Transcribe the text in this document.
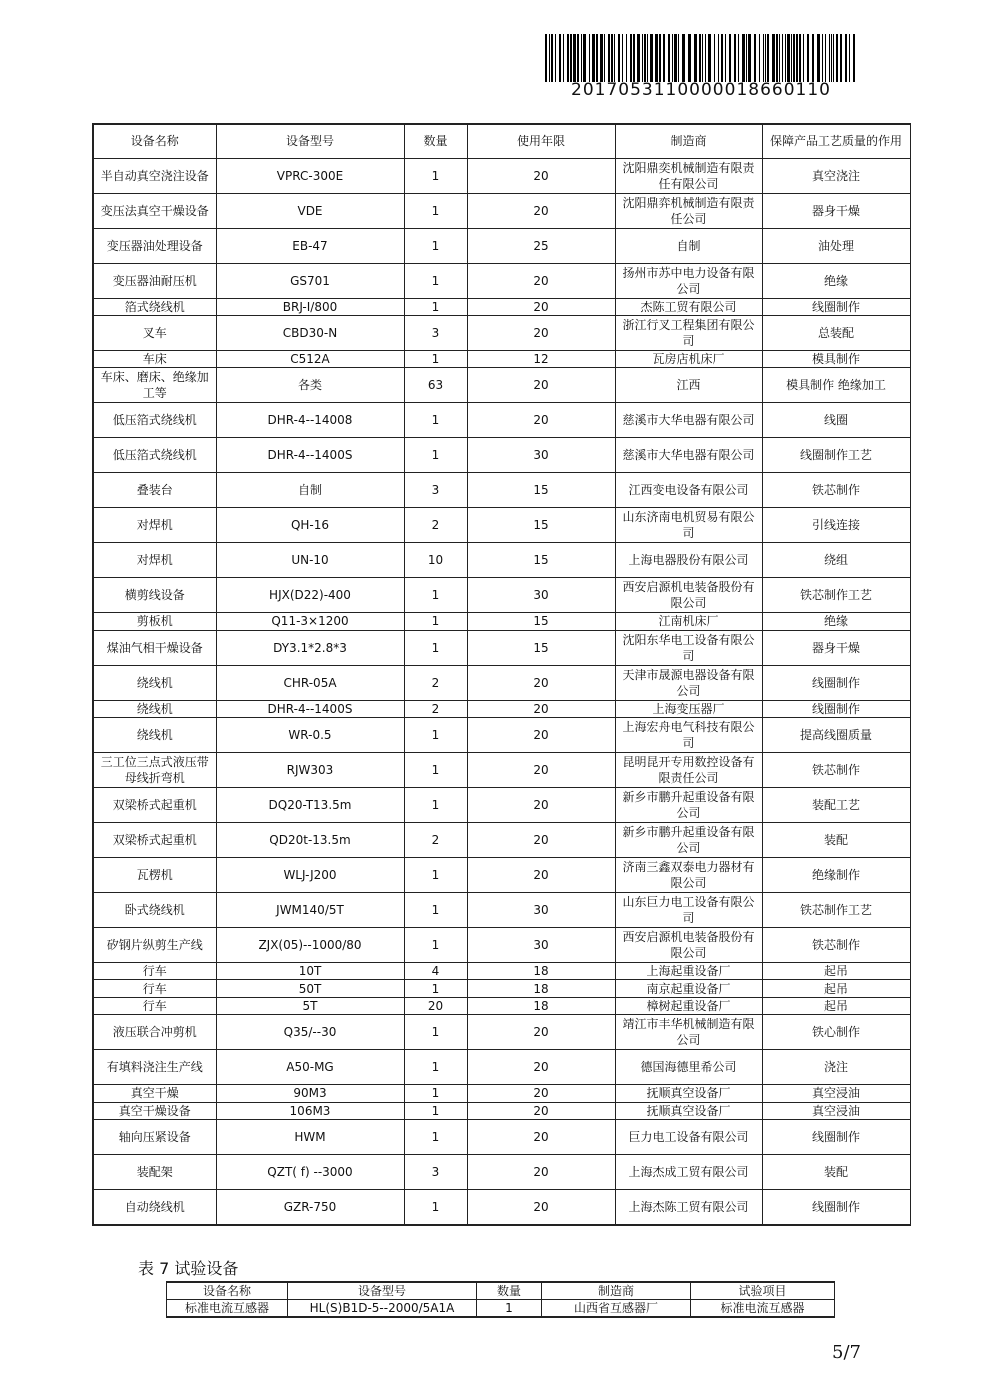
2017053110000018660110
设备名称	设备型号	数量	使用年限	制造商	保障产品工艺质量的作用
半自动真空浇注设备	VPRC-300E	1	20	沈阳鼎奕机械制造有限责任有限公司	真空浇注
变压法真空干燥设备	VDE	1	20	沈阳鼎弈机械制造有限责任公司	器身干燥
变压器油处理设备	EB-47	1	25	自制	油处理
变压器油耐压机	GS701	1	20	扬州市苏中电力设备有限公司	绝缘
箔式绕线机	BRJ-I/800	1	20	杰陈工贸有限公司	线圈制作
叉车	CBD30-N	3	20	浙江行叉工程集团有限公司	总装配
车床	C512A	1	12	瓦房店机床厂	模具制作
车床、磨床、绝缘加工等	各类	63	20	江西	模具制作 绝缘加工
低压箔式绕线机	DHR-4--14008	1	20	慈溪市大华电器有限公司	线圈
低压箔式绕线机	DHR-4--1400S	1	30	慈溪市大华电器有限公司	线圈制作工艺
叠装台	自制	3	15	江西变电设备有限公司	铁芯制作
对焊机	QH-16	2	15	山东济南电机贸易有限公司	引线连接
对焊机	UN-10	10	15	上海电器股份有限公司	绕组
横剪线设备	HJX(D22)-400	1	30	西安启源机电装备股份有限公司	铁芯制作工艺
剪板机	Q11-3×1200	1	15	江南机床厂	绝缘
煤油气相干燥设备	DY3.1*2.8*3	1	15	沈阳东华电工设备有限公司	器身干燥
绕线机	CHR-05A	2	20	天津市晟源电器设备有限公司	线圈制作
绕线机	DHR-4--1400S	2	20	上海变压器厂	线圈制作
绕线机	WR-0.5	1	20	上海宏舟电气科技有限公司	提高线圈质量
三工位三点式液压带母线折弯机	RJW303	1	20	昆明昆开专用数控设备有限责任公司	铁芯制作
双梁桥式起重机	DQ20-T13.5m	1	20	新乡市鹏升起重设备有限公司	装配工艺
双梁桥式起重机	QD20t-13.5m	2	20	新乡市鹏升起重设备有限公司	装配
瓦楞机	WLJ-J200	1	20	济南三鑫双泰电力器材有限公司	绝缘制作
卧式绕线机	JWM140/5T	1	30	山东巨力电工设备有限公司	铁芯制作工艺
矽钢片纵剪生产线	ZJX(05)--1000/80	1	30	西安启源机电装备股份有限公司	铁芯制作
行车	10T	4	18	上海起重设备厂	起吊
行车	50T	1	18	南京起重设备厂	起吊
行车	5T	20	18	樟树起重设备厂	起吊
液压联合冲剪机	Q35/--30	1	20	靖江市丰华机械制造有限公司	铁心制作
有填料浇注生产线	A50-MG	1	20	德国海德里希公司	浇注
真空干燥	90M3	1	20	抚顺真空设备厂	真空浸油
真空干燥设备	106M3	1	20	抚顺真空设备厂	真空浸油
轴向压紧设备	HWM	1	20	巨力电工设备有限公司	线圈制作
装配架	QZT( f) --3000	3	20	上海杰成工贸有限公司	装配
自动绕线机	GZR-750	1	20	上海杰陈工贸有限公司	线圈制作
表 7 试验设备
设备名称	设备型号	数量	制造商	试验项目
标准电流互感器	HL(S)B1D-5--2000/5A1A	1	山西省互感器厂	标准电流互感器
5/7
